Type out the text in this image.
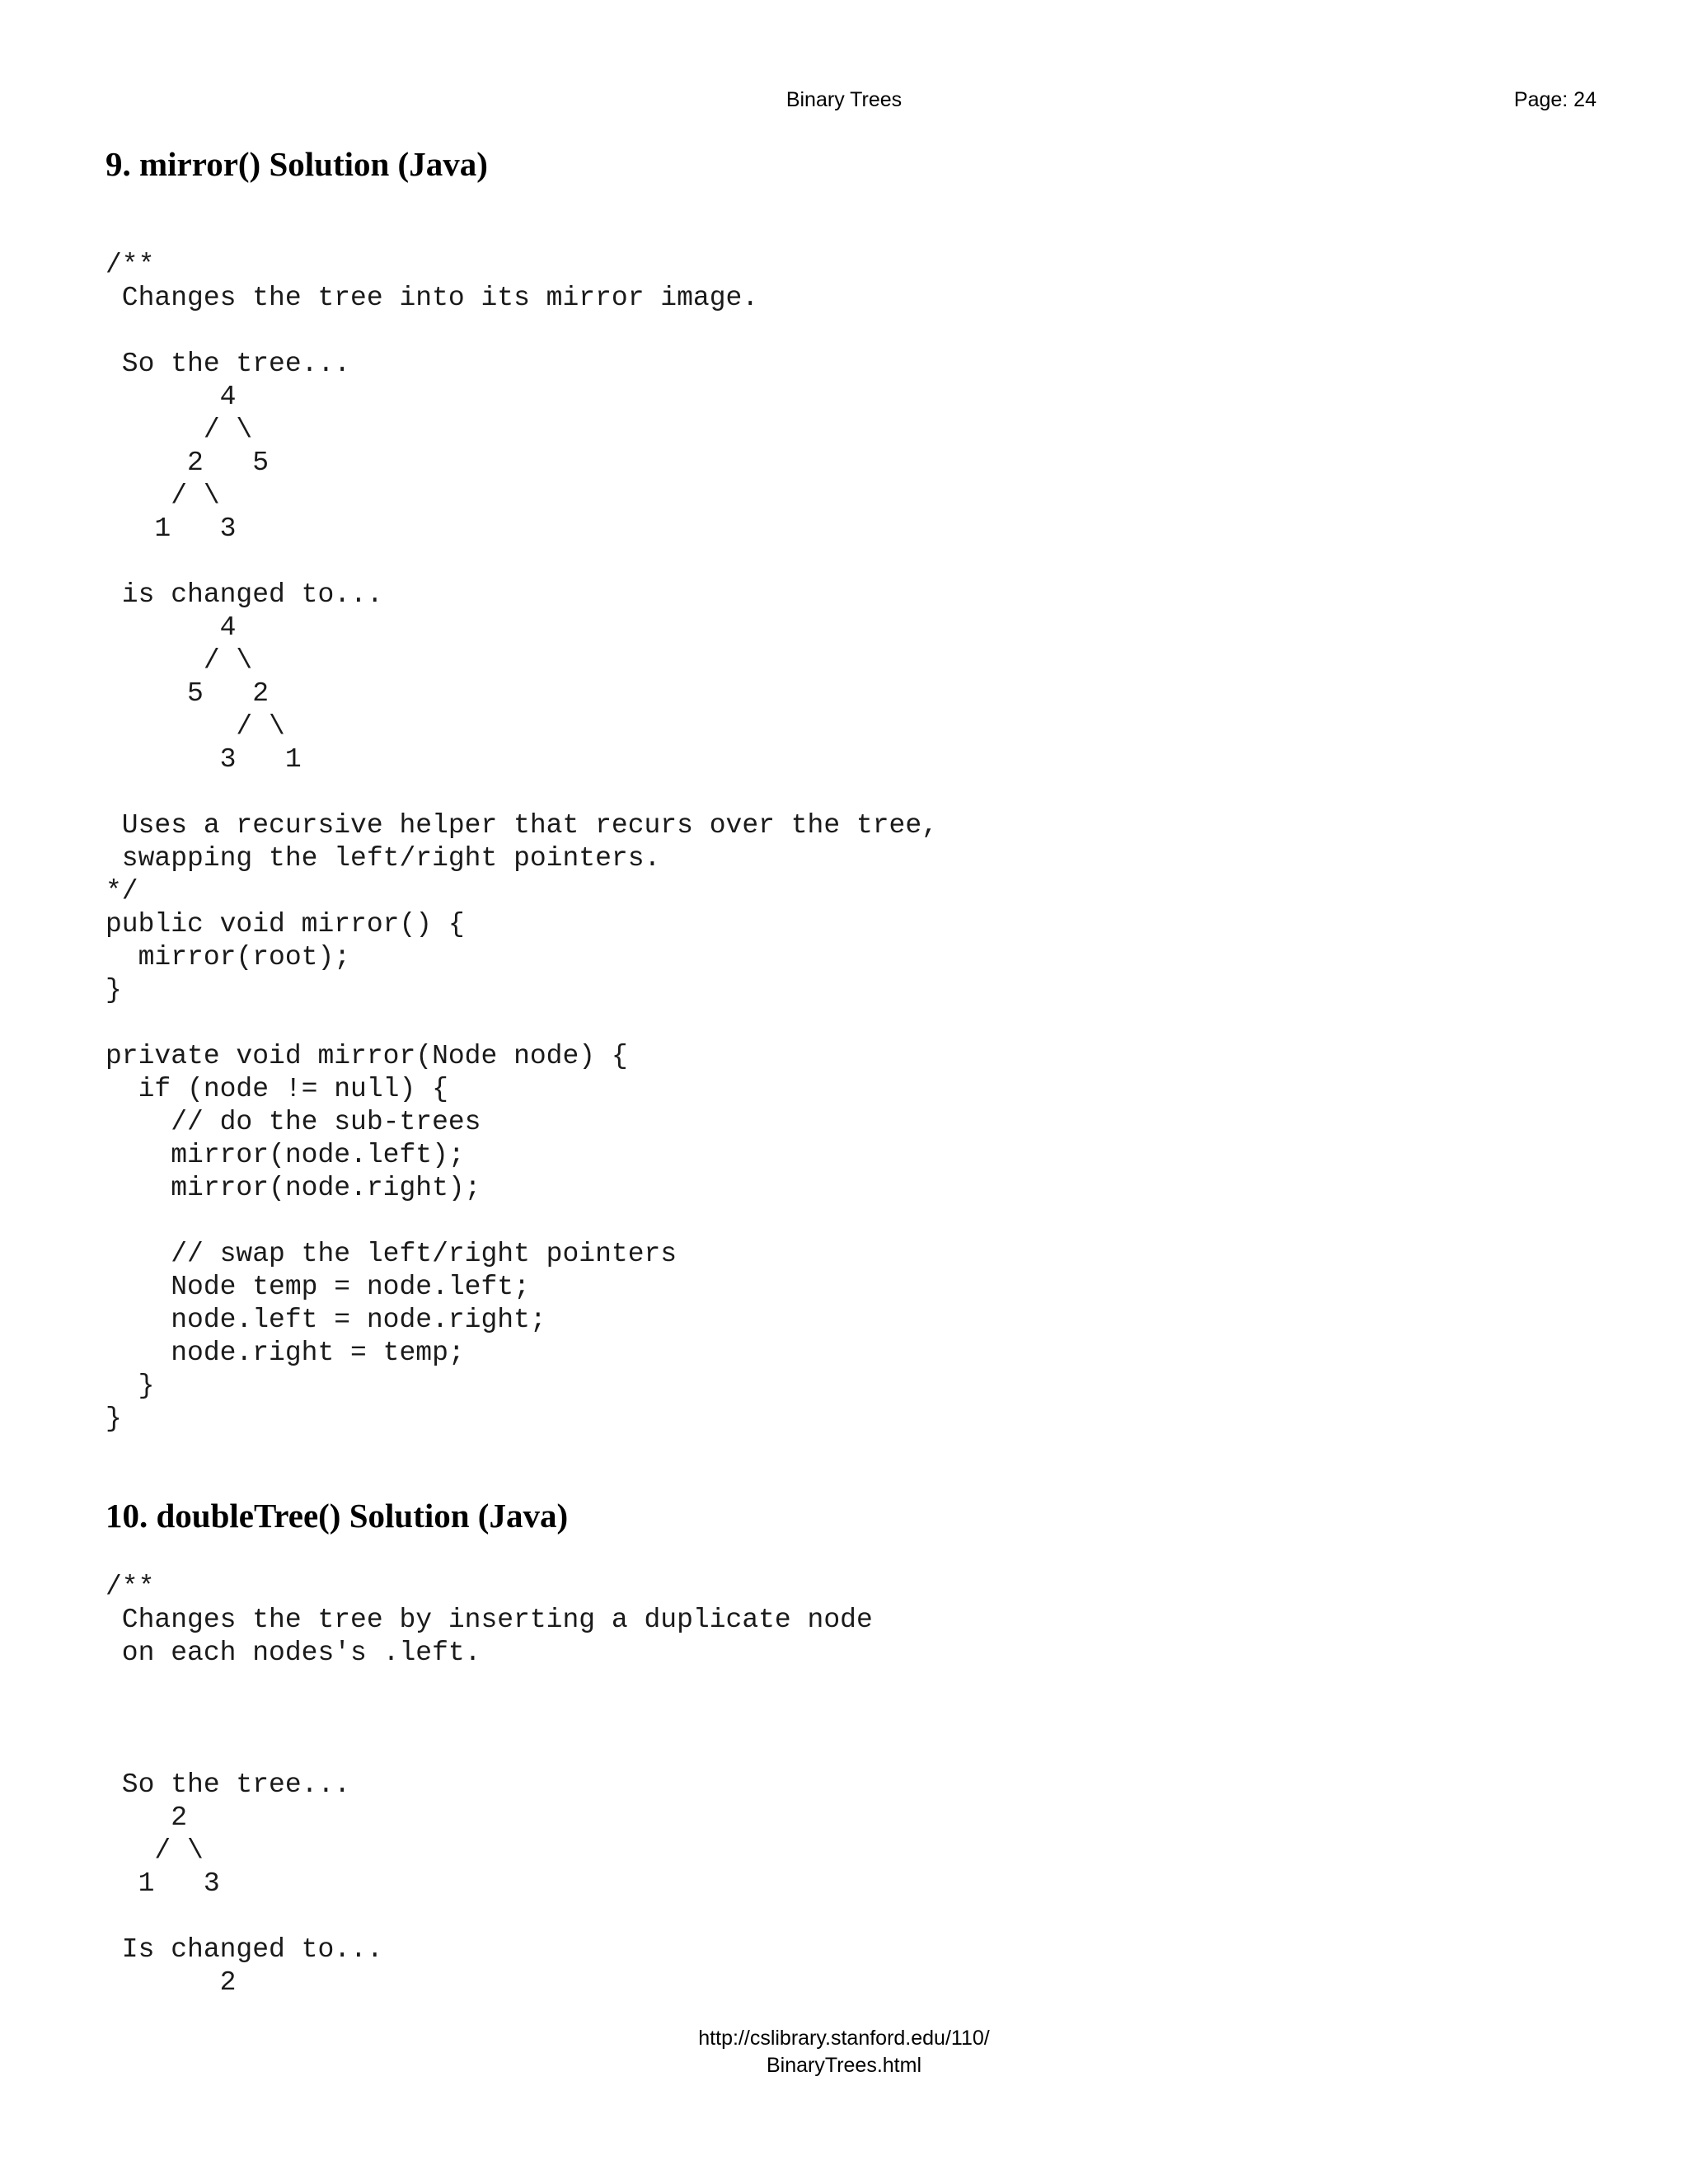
Binary Trees	Page: 24
9. mirror() Solution (Java)
/**
Changes the tree into its mirror image.

So the tree...
4
/ \
2   5
/ \
1   3

is changed to...
4
/ \
5   2
/ \
3   1

Uses a recursive helper that recurs over the tree,
swapping the left/right pointers.
*/
public void mirror() {
mirror(root);
}

private void mirror(Node node) {
if (node != null) {
// do the sub-trees
mirror(node.left);
mirror(node.right);

// swap the left/right pointers
Node temp = node.left;
node.left = node.right;
node.right = temp;
}
}
10. doubleTree() Solution (Java)
/**
Changes the tree by inserting a duplicate node
on each nodes's .left.

So the tree...
2
/ \
1   3

Is changed to...
2
http://cslibrary.stanford.edu/110/
BinaryTrees.html
